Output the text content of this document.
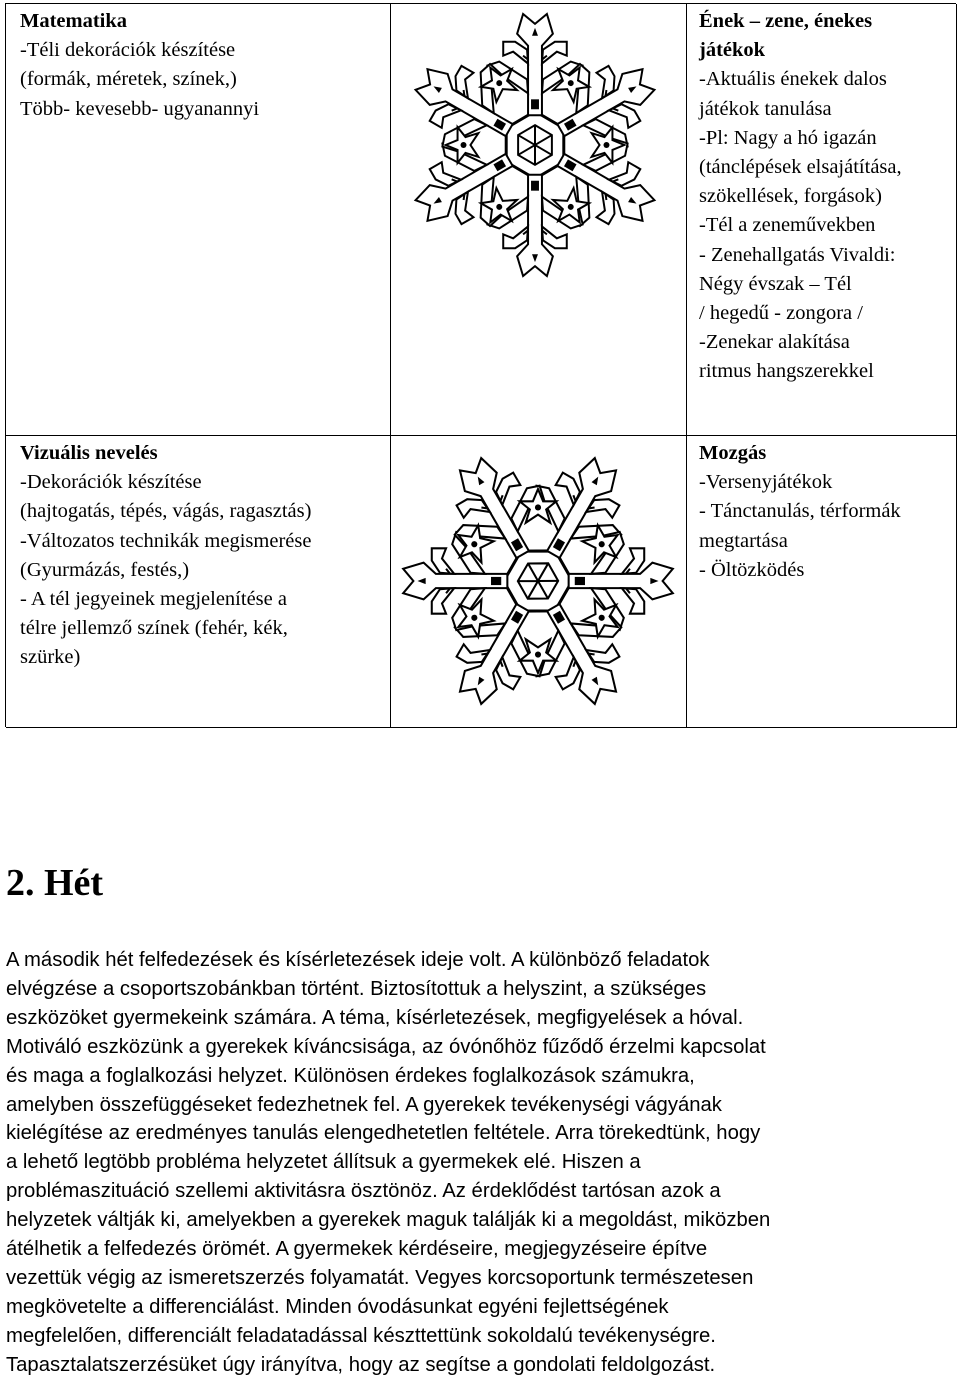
Matematika
-Téli dekorációk készítése
(formák, méretek, színek,)
Több- kevesebb- ugyanannyi
Ének – zene, énekes
játékok
-Aktuális énekek dalos
játékok tanulása
-Pl: Nagy a hó igazán
(tánclépések elsajátítása,
szökellések, forgások)
-Tél a zeneművekben
- Zenehallgatás Vivaldi:
Négy évszak – Tél
/ hegedű - zongora /
-Zenekar alakítása
ritmus hangszerekkel
Vizuális nevelés
-Dekorációk készítése
(hajtogatás, tépés, vágás, ragasztás)
-Változatos technikák megismerése
(Gyurmázás, festés,)
- A tél jegyeinek megjelenítése a
télre jellemző színek (fehér, kék,
szürke)
Mozgás
-Versenyjátékok
- Tánctanulás, térformák
megtartása
- Öltözködés
2. Hét
A második hét felfedezések és kísérletezések ideje volt. A különböző feladatok
elvégzése a csoportszobánkban történt. Biztosítottuk a helyszint, a szükséges
eszközöket gyermekeink számára. A téma, kísérletezések, megfigyelések a hóval.
Motiváló eszközünk a gyerekek kíváncsisága, az óvónőhöz fűződő érzelmi kapcsolat
és maga a foglalkozási helyzet. Különösen érdekes foglalkozások számukra,
amelyben összefüggéseket fedezhetnek fel. A gyerekek tevékenységi vágyának
kielégítése az eredményes tanulás elengedhetetlen feltétele. Arra törekedtünk, hogy
a lehető legtöbb probléma helyzetet állítsuk a gyermekek elé. Hiszen a
problémaszituáció szellemi aktivitásra ösztönöz. Az érdeklődést tartósan azok a
helyzetek váltják ki, amelyekben a gyerekek maguk találják ki a megoldást, miközben
átélhetik a felfedezés örömét. A gyermekek kérdéseire, megjegyzéseire építve
vezettük végig az ismeretszerzés folyamatát. Vegyes korcsoportunk természetesen
megkövetelte a differenciálást. Minden óvodásunkat egyéni fejlettségének
megfelelően, differenciált feladatadással készttettünk sokoldalú tevékenységre.
Tapasztalatszerzésüket úgy irányítva, hogy az segítse a gondolati feldolgozást.
